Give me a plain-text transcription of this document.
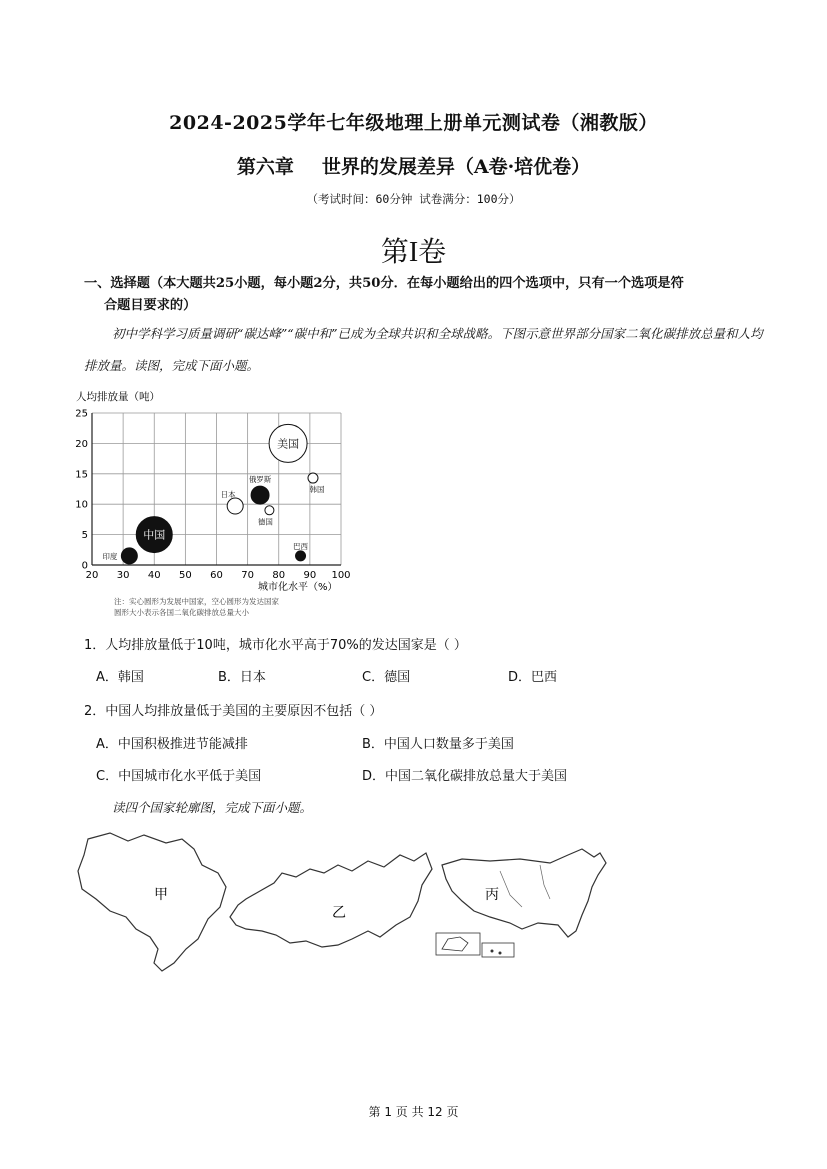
2024-2025学年七年级地理上册单元测试卷（湘教版）
第六章 世界的发展差异（A卷·培优卷）
（考试时间：60分钟 试卷满分：100分）
第I卷
一、选择题（本大题共25小题，每小题2分，共50分．在每小题给出的四个选项中，只有一个选项是符
合题目要求的）
初中学科学习质量调研“碳达峰”“碳中和”已成为全球共识和全球战略。下图示意世界部分国家二氧化碳排放总量和人均排放量。读图，完成下面小题。
人均排放量（吨）
0
5
10
15
20
25
20 30 40 50 60 70 80 90 100
印度
中国
日本
俄罗斯
德国
美国
韩国
巴西
城市化水平（%）
注：实心圆形为发展中国家，空心圆形为发达国家
圆形大小表示各国二氧化碳排放总量大小
1．人均排放量低于10吨，城市化水平高于70%的发达国家是（ ）
A．韩国	B．日本	C．德国	D．巴西
2．中国人均排放量低于美国的主要原因不包括（ ）
A．中国积极推进节能减排	B．中国人口数量多于美国
C．中国城市化水平低于美国	D．中国二氧化碳排放总量大于美国
读四个国家轮廓图，完成下面小题。
甲
乙
丙
第 1 页 共 12 页
